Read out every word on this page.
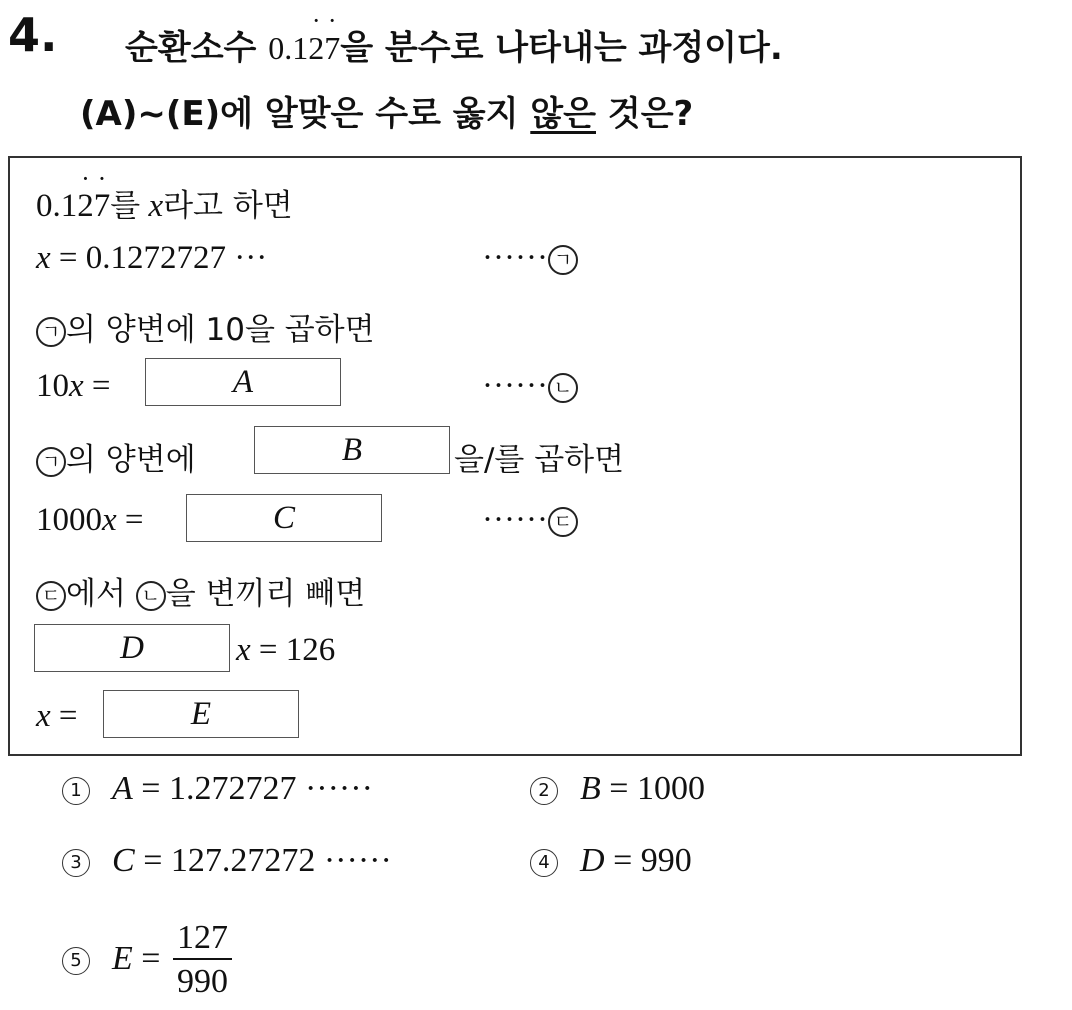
4. 순환소수 0.1· 2· 7을 분수로 나타내는 과정이다.
(A)~(E)에 알맞은 수로 옳지 않은 것은?
0.1· 2· 7를 x라고 하면
x = 0.1272727 ···	······ ㄱ
ㄱ 의 양변에 10을 곱하면
10x =	A	······ ㄴ
ㄱ 의 양변에	B	을/를 곱하면
1000x =	C	······ ㄷ
ㄷ 에서 ㄴ 을 변끼리 빼면
D	x = 126
x =	E
1 A = 1.272727 ······	2 B = 1000
3 C = 127.27272 ······	4 D = 990
5 $E = \frac{127}{990}$
